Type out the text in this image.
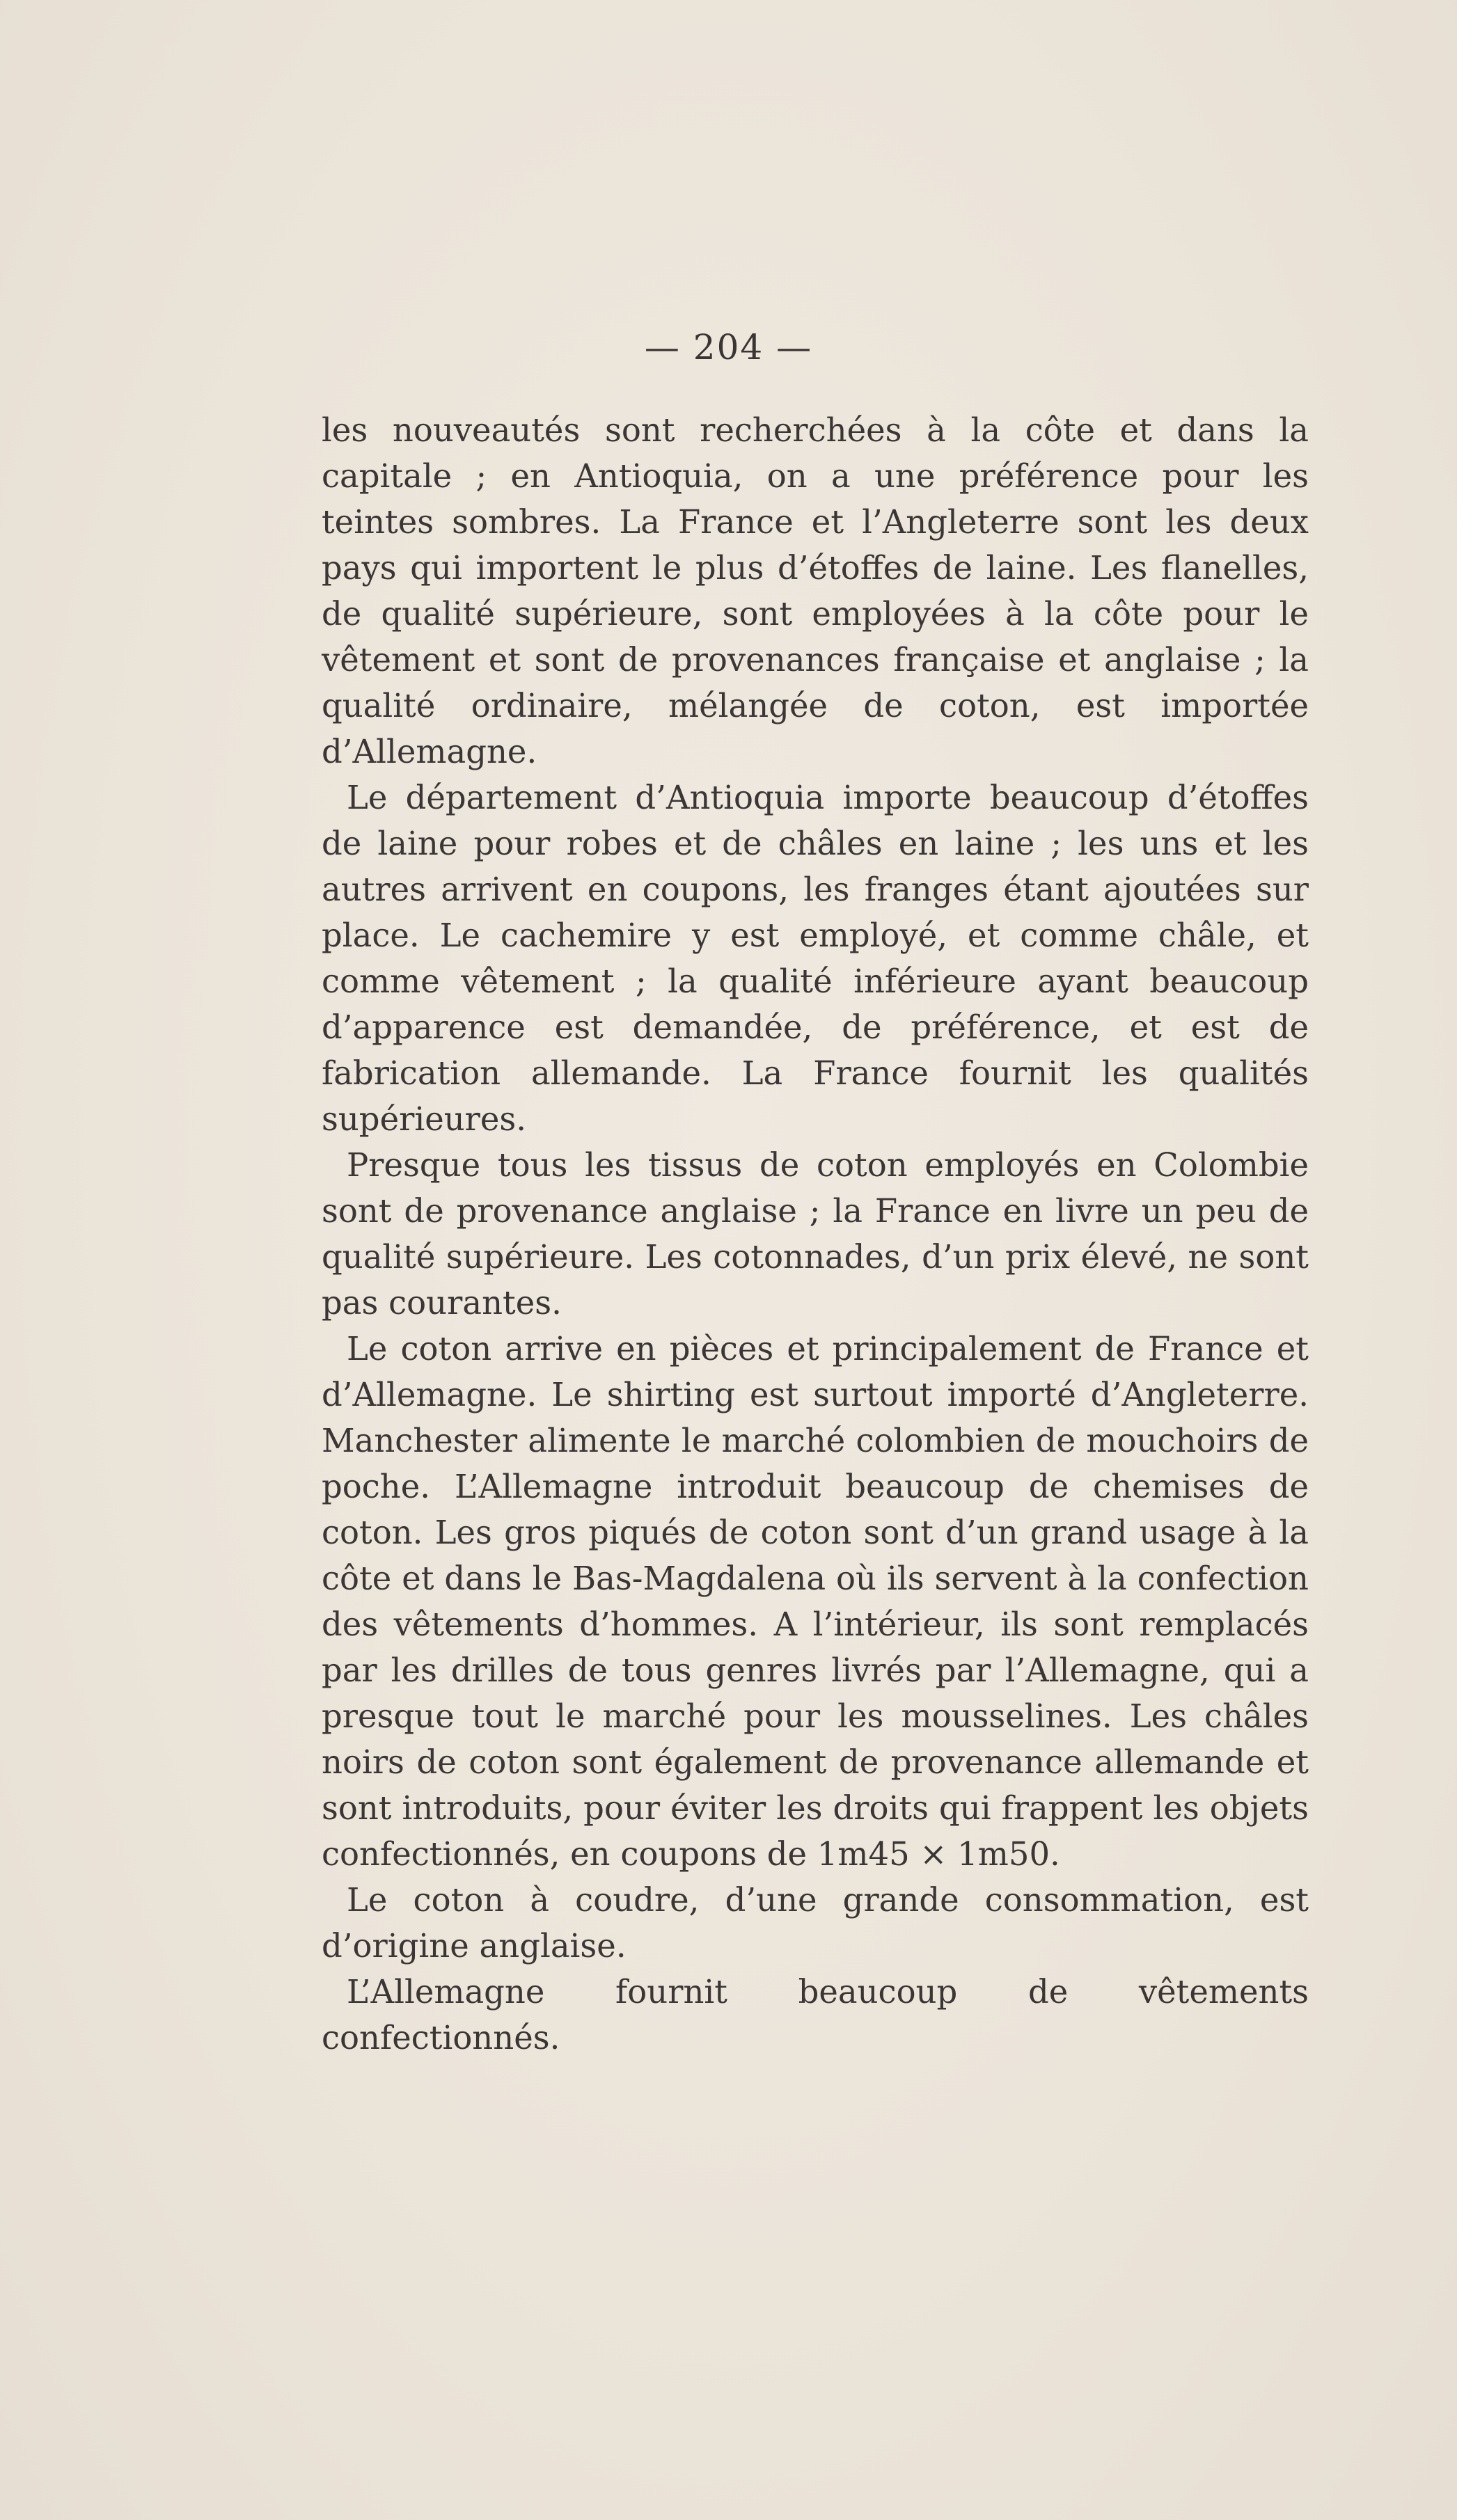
— 204 —

les nouveautés sont recherchées à la côte et dans la capitale ; en Antioquia, on a une préférence pour les teintes sombres. La France et l’Angleterre sont les deux pays qui importent le plus d’étoffes de laine. Les flanelles, de qualité supérieure, sont employées à la côte pour le vêtement et sont de provenances française et anglaise ; la qualité ordinaire, mélangée de coton, est importée d’Allemagne.

Le département d’Antioquia importe beaucoup d’étoffes de laine pour robes et de châles en laine ; les uns et les autres arrivent en coupons, les franges étant ajoutées sur place. Le cachemire y est employé, et comme châle, et comme vêtement ; la qualité inférieure ayant beaucoup d’apparence est demandée, de préférence, et est de fabrication allemande. La France fournit les qualités supérieures.

Presque tous les tissus de coton employés en Colombie sont de provenance anglaise ; la France en livre un peu de qualité supérieure. Les cotonnades, d’un prix élevé, ne sont pas courantes.

Le coton arrive en pièces et principalement de France et d’Allemagne. Le shirting est surtout importé d’Angleterre. Manchester alimente le marché colombien de mouchoirs de poche. L’Allemagne introduit beaucoup de chemises de coton. Les gros piqués de coton sont d’un grand usage à la côte et dans le Bas-Magdalena où ils servent à la confection des vêtements d’hommes. A l’intérieur, ils sont remplacés par les drilles de tous genres livrés par l’Allemagne, qui a presque tout le marché pour les mousselines. Les châles noirs de coton sont également de provenance allemande et sont introduits, pour éviter les droits qui frappent les objets confectionnés, en coupons de 1m45 × 1m50.

Le coton à coudre, d’une grande consommation, est d’origine anglaise.

L’Allemagne fournit beaucoup de vêtements confectionnés.
